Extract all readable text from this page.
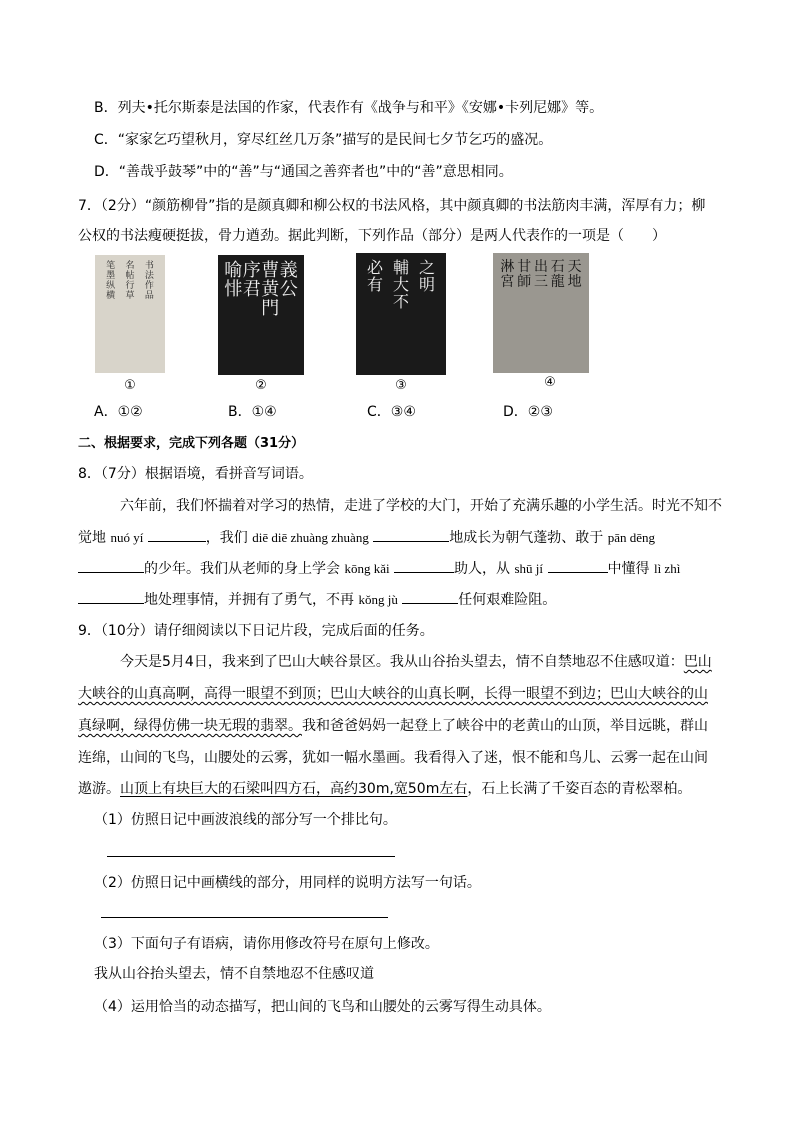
B．列夫•托尔斯泰是法国的作家，代表作有《战争与和平》《安娜•卡列尼娜》等。
C．“家家乞巧望秋月，穿尽红丝几万条”描写的是民间七夕节乞巧的盛况。
D．“善哉乎鼓琴”中的“善”与“通国之善弈者也”中的“善”意思相同。
7．（2分）“颜筋柳骨”指的是颜真卿和柳公权的书法风格，其中颜真卿的书法筋肉丰满，浑厚有力；柳
公权的书法瘦硬挺拔，骨力遒劲。据此判断，下列作品（部分）是两人代表作的一项是（　　）
书
法
作
品
名
帖
行
草
笔
墨
纵
横
①
義
公
曹
黄
門
序
君
喻
悱
②
之
明
輔
大
不
必
有
③
天
地
石
龍
出
三
甘
師
淋
宮
④
A．①②	B．①④	C．③④	D．②③
二、根据要求，完成下列各题（31分）
8．（7分）根据语境，看拼音写词语。
六年前，我们怀揣着对学习的热情，走进了学校的大门，开始了充满乐趣的小学生活。时光不知不
觉地 nuó yí	，我们 diē diē zhuàng zhuàng	地成长为朝气蓬勃、敢于 pān dēng
的少年。我们从老师的身上学会 kōng kǎi	助人，从 shū jí	中懂得 lì zhì
地处理事情，并拥有了勇气，不再 kǒng jù	任何艰难险阻。
9．（10分）请仔细阅读以下日记片段，完成后面的任务。
今天是5月4日，我来到了巴山大峡谷景区。我从山谷抬头望去，情不自禁地忍不住感叹道：巴山
大峡谷的山真高啊，高得一眼望不到顶；巴山大峡谷的山真长啊，长得一眼望不到边；巴山大峡谷的山
真绿啊，绿得仿佛一块无瑕的翡翠。我和爸爸妈妈一起登上了峡谷中的老黄山的山顶，举目远眺，群山
连绵，山间的飞鸟，山腰处的云雾，犹如一幅水墨画。我看得入了迷，恨不能和鸟儿、云雾一起在山间
遨游。山顶上有块巨大的石梁叫四方石，高约30m,宽50m左右，石上长满了千姿百态的青松翠柏。
（1）仿照日记中画波浪线的部分写一个排比句。
（2）仿照日记中画横线的部分，用同样的说明方法写一句话。
（3）下面句子有语病，请你用修改符号在原句上修改。
我从山谷抬头望去，情不自禁地忍不住感叹道
（4）运用恰当的动态描写，把山间的飞鸟和山腰处的云雾写得生动具体。
